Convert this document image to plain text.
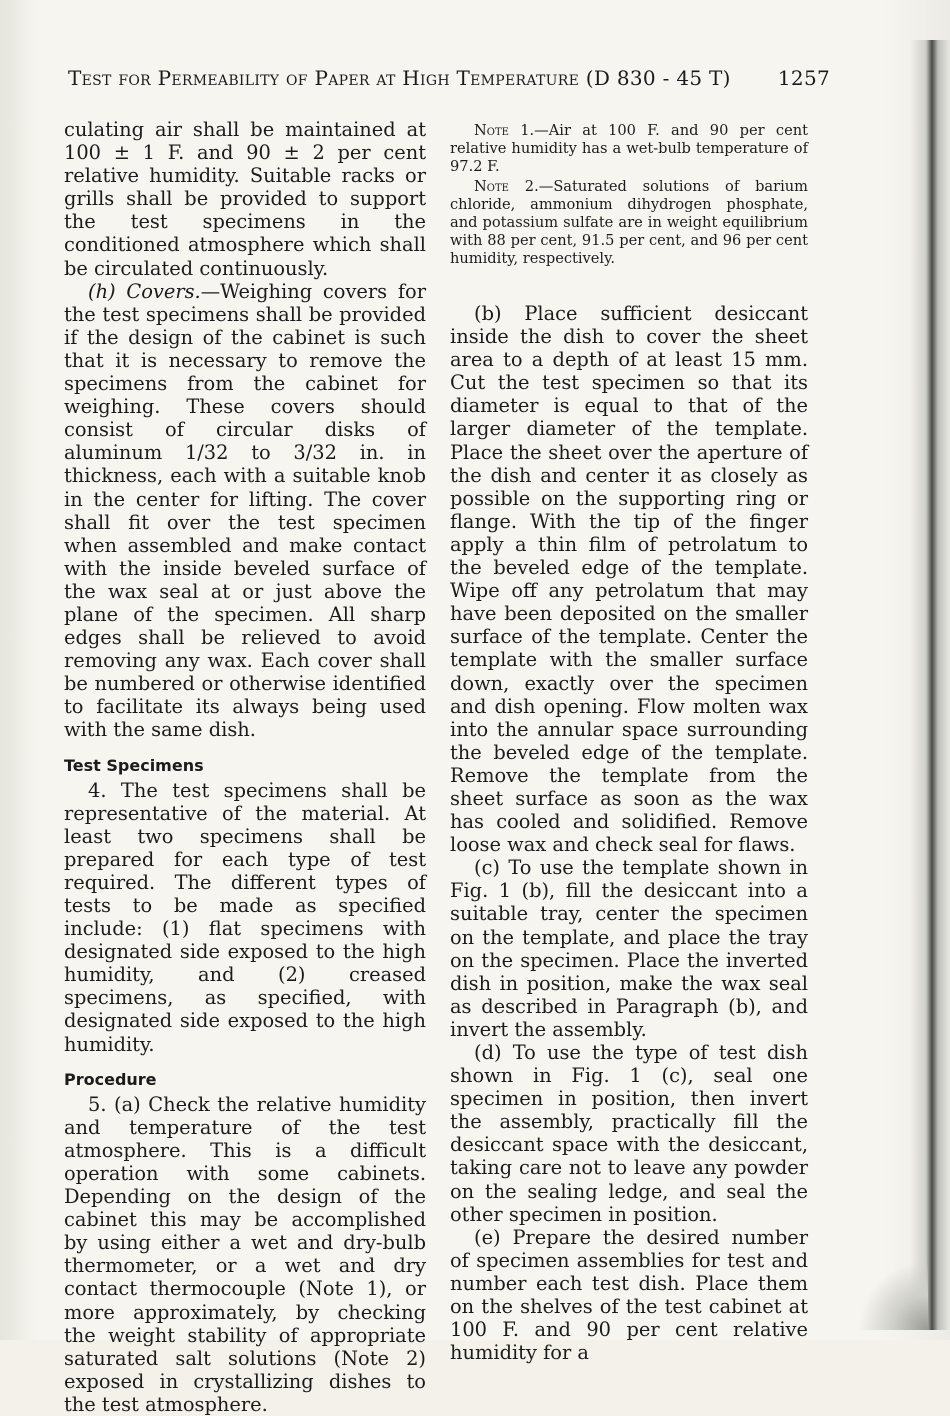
Test for Permeability of Paper at High Temperature (D 830 - 45 T) 1257

culating air shall be maintained at 100 ± 1 F. and 90 ± 2 per cent relative humidity. Suitable racks or grills shall be provided to support the test specimens in the conditioned atmosphere which shall be circulated continuously.

(h) Covers.—Weighing covers for the test specimens shall be provided if the design of the cabinet is such that it is necessary to remove the specimens from the cabinet for weighing. These covers should consist of circular disks of aluminum 1/32 to 3/32 in. in thickness, each with a suitable knob in the center for lifting. The cover shall fit over the test specimen when assembled and make contact with the inside beveled surface of the wax seal at or just above the plane of the specimen. All sharp edges shall be relieved to avoid removing any wax. Each cover shall be numbered or otherwise identified to facilitate its always being used with the same dish.

Test Specimens

4. The test specimens shall be representative of the material. At least two specimens shall be prepared for each type of test required. The different types of tests to be made as specified include: (1) flat specimens with designated side exposed to the high humidity, and (2) creased specimens, as specified, with designated side exposed to the high humidity.

Procedure

5. (a) Check the relative humidity and temperature of the test atmosphere. This is a difficult operation with some cabinets. Depending on the design of the cabinet this may be accomplished by using either a wet and dry-bulb thermometer, or a wet and dry contact thermocouple (Note 1), or more approximately, by checking the weight stability of appropriate saturated salt solutions (Note 2) exposed in crystallizing dishes to the test atmosphere.

Note 1.—Air at 100 F. and 90 per cent relative humidity has a wet-bulb temperature of 97.2 F.

Note 2.—Saturated solutions of barium chloride, ammonium dihydrogen phosphate, and potassium sulfate are in weight equilibrium with 88 per cent, 91.5 per cent, and 96 per cent humidity, respectively.

(b) Place sufficient desiccant inside the dish to cover the sheet area to a depth of at least 15 mm. Cut the test specimen so that its diameter is equal to that of the larger diameter of the template. Place the sheet over the aperture of the dish and center it as closely as possible on the supporting ring or flange. With the tip of the finger apply a thin film of petrolatum to the beveled edge of the template. Wipe off any petrolatum that may have been deposited on the smaller surface of the template. Center the template with the smaller surface down, exactly over the specimen and dish opening. Flow molten wax into the annular space surrounding the beveled edge of the template. Remove the template from the sheet surface as soon as the wax has cooled and solidified. Remove loose wax and check seal for flaws.

(c) To use the template shown in Fig. 1 (b), fill the desiccant into a suitable tray, center the specimen on the template, and place the tray on the specimen. Place the inverted dish in position, make the wax seal as described in Paragraph (b), and invert the assembly.

(d) To use the type of test dish shown in Fig. 1 (c), seal one specimen in position, then invert the assembly, practically fill the desiccant space with the desiccant, taking care not to leave any powder on the sealing ledge, and seal the other specimen in position.

(e) Prepare the desired number of specimen assemblies for test and number each test dish. Place them on the shelves of the test cabinet at 100 F. and 90 per cent relative humidity for a
